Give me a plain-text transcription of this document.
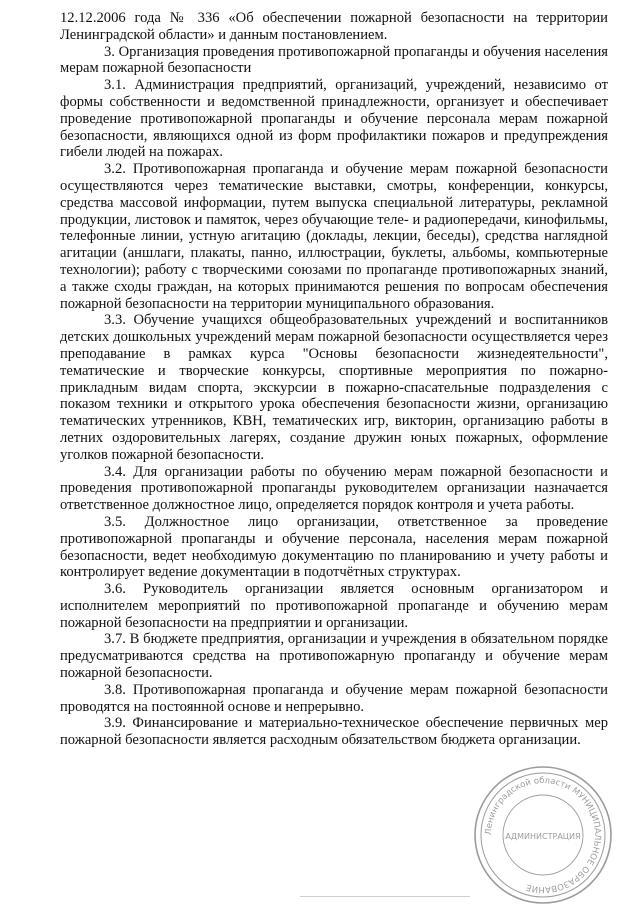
12.12.2006 года № 336 «Об обеспечении пожарной безопасности на территории Ленинградской области» и данным постановлением.

3. Организация проведения противопожарной пропаганды и обучения населения мерам пожарной безопасности

3.1. Администрация предприятий, организаций, учреждений, независимо от формы собственности и ведомственной принадлежности, организует и обеспечивает проведение противопожарной пропаганды и обучение персонала мерам пожарной безопасности, являющихся одной из форм профилактики пожаров и предупреждения гибели людей на пожарах.

3.2. Противопожарная пропаганда и обучение мерам пожарной безопасности осуществляются через тематические выставки, смотры, конференции, конкурсы, средства массовой информации, путем выпуска специальной литературы, рекламной продукции, листовок и памяток, через обучающие теле- и радиопередачи, кинофильмы, телефонные линии, устную агитацию (доклады, лекции, беседы), средства наглядной агитации (аншлаги, плакаты, панно, иллюстрации, буклеты, альбомы, компьютерные технологии); работу с творческими союзами по пропаганде противопожарных знаний, а также сходы граждан, на которых принимаются решения по вопросам обеспечения пожарной безопасности на территории муниципального образования.

3.3. Обучение учащихся общеобразовательных учреждений и воспитанников детских дошкольных учреждений мерам пожарной безопасности осуществляется через преподавание в рамках курса "Основы безопасности жизнедеятельности", тематические и творческие конкурсы, спортивные мероприятия по пожарно-прикладным видам спорта, экскурсии в пожарно-спасательные подразделения с показом техники и открытого урока обеспечения безопасности жизни, организацию тематических утренников, КВН, тематических игр, викторин, организацию работы в летних оздоровительных лагерях, создание дружин юных пожарных, оформление уголков пожарной безопасности.

3.4. Для организации работы по обучению мерам пожарной безопасности и проведения противопожарной пропаганды руководителем организации назначается ответственное должностное лицо, определяется порядок контроля и учета работы.

3.5. Должностное лицо организации, ответственное за проведение противопожарной пропаганды и обучение персонала, населения мерам пожарной безопасности, ведет необходимую документацию по планированию и учету работы и контролирует ведение документации в подотчётных структурах.

3.6. Руководитель организации является основным организатором и исполнителем мероприятий по противопожарной пропаганде и обучению мерам пожарной безопасности на предприятии и организации.

3.7. В бюджете предприятия, организации и учреждения в обязательном порядке предусматриваются средства на противопожарную пропаганду и обучение мерам пожарной безопасности.

3.8. Противопожарная пропаганда и обучение мерам пожарной безопасности проводятся на постоянной основе и непрерывно.

3.9. Финансирование и материально-техническое обеспечение первичных мер пожарной безопасности является расходным обязательством бюджета организации.

Ленинградской области МУНИЦИПАЛЬНОЕ ОБРАЗОВАНИЕ
АДМИНИСТРАЦИЯ
